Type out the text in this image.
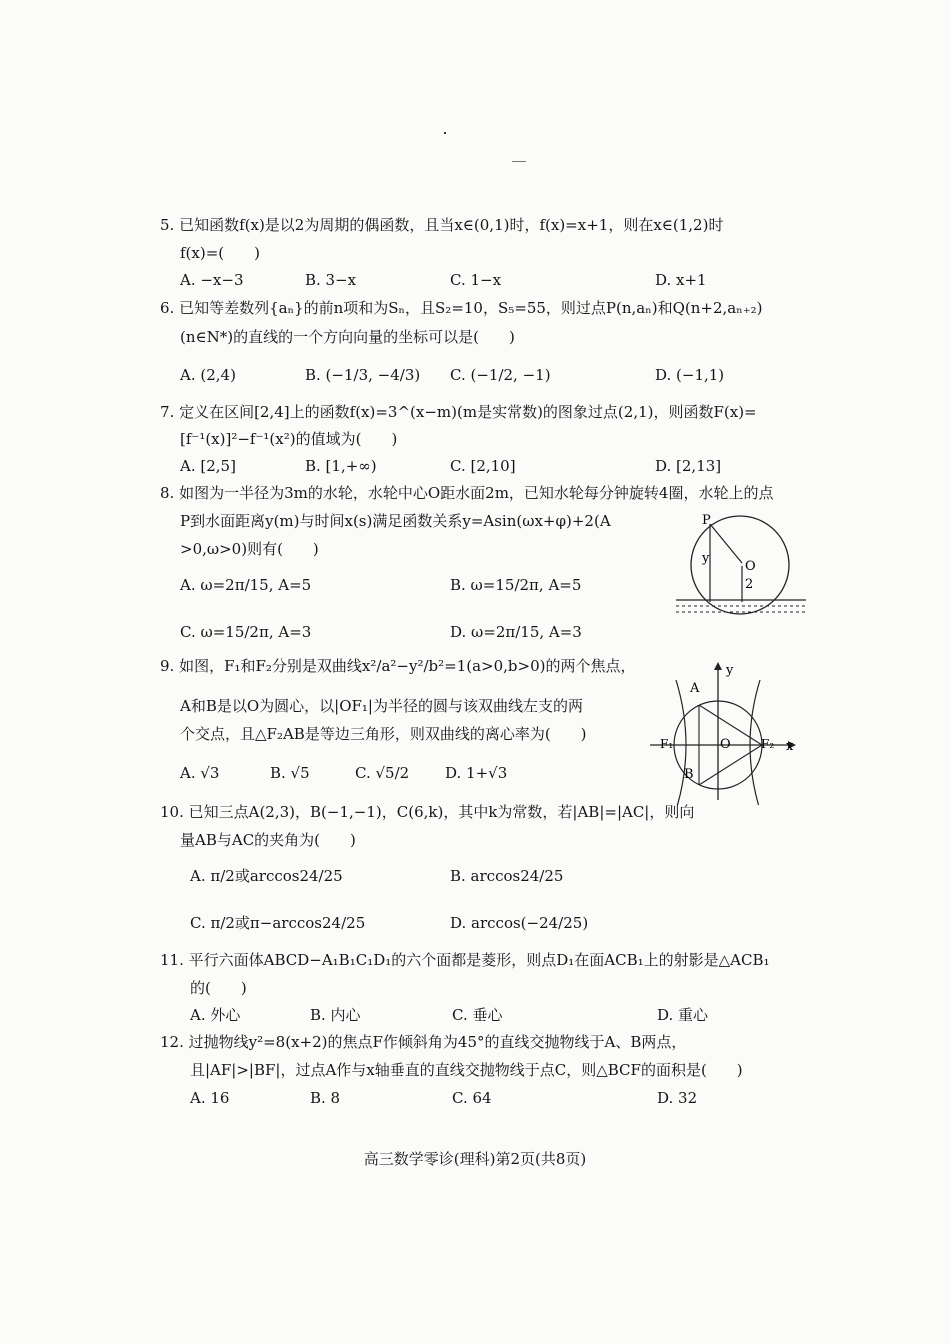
5. 已知函数f(x)是以2为周期的偶函数，且当x∈(0,1)时，f(x)=x+1，则在x∈(1,2)时
f(x)=(　　)
A. −x−3	B. 3−x	C. 1−x	D. x+1
6. 已知等差数列{aₙ}的前n项和为Sₙ，且S₂=10，S₅=55，则过点P(n,aₙ)和Q(n+2,aₙ₊₂)
(n∈N*)的直线的一个方向向量的坐标可以是(　　)
A. (2,4)	B. (−1/3, −4/3) C. (−1/2, −1)	D. (−1,1)
7. 定义在区间[2,4]上的函数f(x)=3^(x−m)(m是实常数)的图象过点(2,1)，则函数F(x)=
[f⁻¹(x)]²−f⁻¹(x²)的值域为(　　)
A. [2,5]	B. [1,+∞)	C. [2,10]	D. [2,13]
8. 如图为一半径为3m的水轮，水轮中心O距水面2m，已知水轮每分钟旋转4圈，水轮上的点
P到水面距离y(m)与时间x(s)满足函数关系y=Asin(ωx+φ)+2(A
>0,ω>0)则有(　　)
A. ω=2π/15, A=5	B. ω=15/2π, A=5
C. ω=15/2π, A=3	D. ω=2π/15, A=3
P
y
O
2
9. 如图，F₁和F₂分别是双曲线x²/a²−y²/b²=1(a>0,b>0)的两个焦点，
A和B是以O为圆心，以|OF₁|为半径的圆与该双曲线左支的两
个交点，且△F₂AB是等边三角形，则双曲线的离心率为(　　)
A. √3	B. √5	C. √5/2 D. 1+√3
y
A
F₁	O	F₂ x
B
10. 已知三点A(2,3)，B(−1,−1)，C(6,k)，其中k为常数，若|AB|=|AC|，则向
量AB与AC的夹角为(　　)
A. π/2或arccos24/25	B. arccos24/25
C. π/2或π−arccos24/25	D. arccos(−24/25)
11. 平行六面体ABCD−A₁B₁C₁D₁的六个面都是菱形，则点D₁在面ACB₁上的射影是△ACB₁
的(　　)
A. 外心	B. 内心	C. 垂心	D. 重心
12. 过抛物线y²=8(x+2)的焦点F作倾斜角为45°的直线交抛物线于A、B两点，
且|AF|>|BF|，过点A作与x轴垂直的直线交抛物线于点C，则△BCF的面积是(　　)
A. 16	B. 8	C. 64	D. 32
高三数学零诊(理科)第2页(共8页)
